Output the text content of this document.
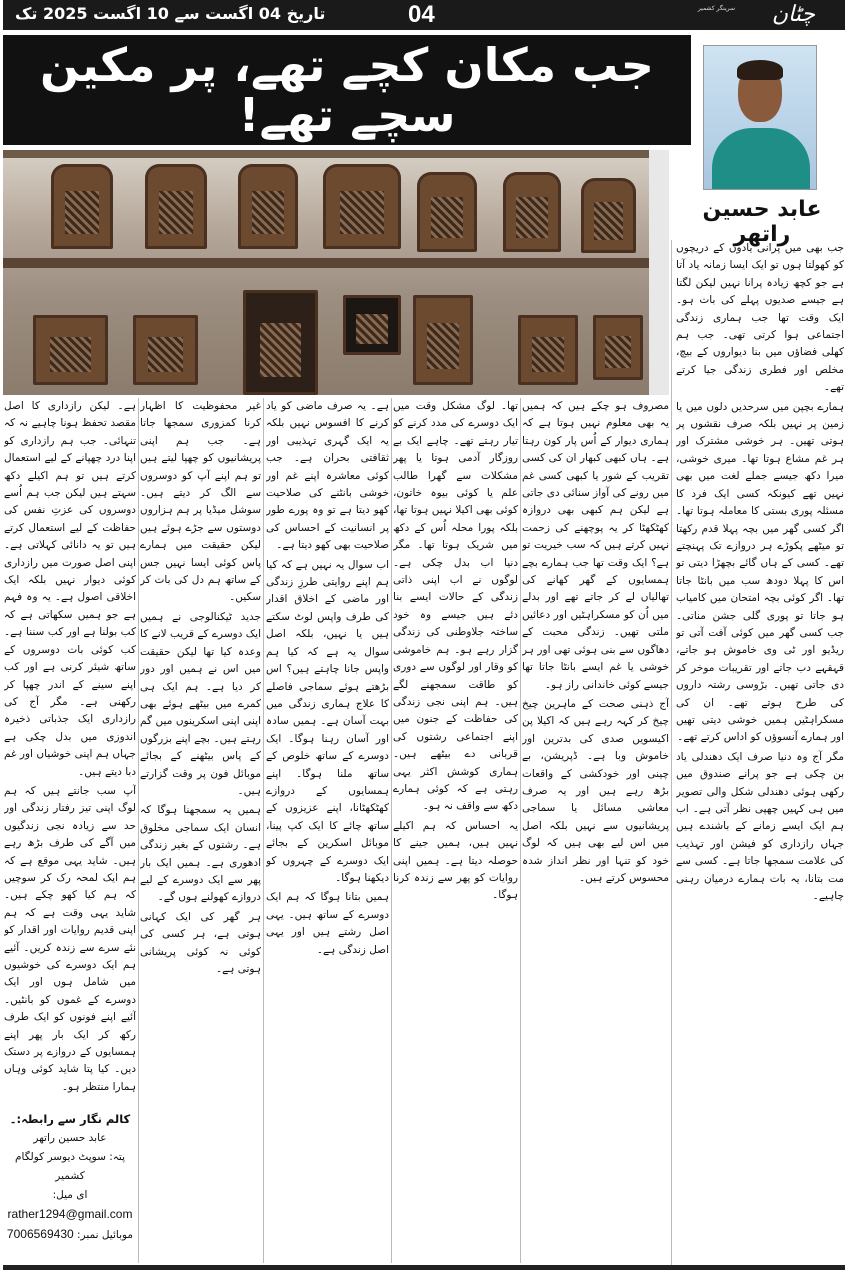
چٹان
سرینگر کشمیر
04
تاریخ 04 اگست سے 10 اگست 2025 تک
جب مکان کچے تھے، پر مکین سچے تھے!
عابد حسین راتھر

جب بھی میں پرانی یادوں کے دریچوں کو کھولتا ہوں تو ایک ایسا زمانہ یاد آتا ہے جو کچھ زیادہ پرانا نہیں لیکن لگتا ہے جیسے صدیوں پہلے کی بات ہو۔ ایک وقت تھا جب ہماری زندگی اجتماعی ہوا کرتی تھی۔ جب ہم کھلی فضاؤں میں بنا دیواروں کے بیچ، مخلص اور فطری زندگی جیا کرتے تھے۔

ہمارے بچپن میں سرحدیں دلوں میں یا زمین پر نہیں بلکہ صرف نقشوں پر ہوتی تھیں۔ ہر خوشی مشترک اور ہر غم مشاع ہوتا تھا۔ میری خوشی، میرا دکھ جیسے جملے لغت میں بھی نہیں تھے کیونکہ کسی ایک فرد کا مسئلہ پوری بستی کا معاملہ ہوتا تھا۔ اگر کسی گھر میں بچہ پہلا قدم رکھتا تو میٹھے پکوڑے ہر دروازے تک پہنچتے تھے۔ کسی کے ہاں گائے بچھڑا دیتی تو اس کا پہلا دودھ سب میں بانٹا جاتا تھا۔ اگر کوئی بچہ امتحان میں کامیاب ہو جاتا تو پوری گلی جشن مناتی۔ جب کسی گھر میں کوئی آفت آتی تو ریڈیو اور ٹی وی خاموش ہو جاتے، قہقہے دب جاتے اور تقریبات موخر کر دی جاتی تھیں۔ بڑوسی رشتہ داروں کی طرح ہوتے تھے۔ ان کی مسکراہٹیں ہمیں خوشی دیتی تھیں اور ہمارے آنسوؤں کو اداس کرتے تھے۔

مگر آج وہ دنیا صرف ایک دھندلی یاد بن چکی ہے جو پرانے صندوق میں رکھی ہوئی دھندلی شکل والی تصویر میں ہی کہیں چھپی نظر آتی ہے۔ اب ہم ایک ایسے زمانے کے باشندے ہیں جہاں رازداری کو فیشن اور تہذیب کی علامت سمجھا جاتا ہے۔ کسی سے مت بتانا، یہ بات ہمارے درمیان رہنی چاہیے۔

مصروف ہو چکے ہیں کہ ہمیں یہ بھی معلوم نہیں ہوتا ہے کہ ہماری دیوار کے اُس پار کون رہتا ہے۔ ہاں کبھی کبھار ان کی کسی تقریب کے شور یا کبھی کسی غم میں رونے کی آواز سنائی دی جاتی ہے لیکن ہم کبھی بھی دروازہ کھٹکھٹا کر یہ پوچھنے کی زحمت نہیں کرتے ہیں کہ سب خیریت تو ہے؟ ایک وقت تھا جب ہمارے بچے ہمسایوں کے گھر کھانے کی تھالیاں لے کر جاتے تھے اور بدلے میں اُن کو مسکراہٹیں اور دعائیں ملتی تھیں۔ زندگی محبت کے دھاگوں سے بنی ہوئی تھی اور ہر خوشی یا غم ایسے بانٹا جاتا تھا جیسے کوئی خاندانی راز ہو۔

آج ذہنی صحت کے ماہرین چیخ چیخ کر کہہ رہے ہیں کہ اکیلا پن اکیسویں صدی کی بدترین اور خاموش وبا ہے۔ ڈپریشن، بے چینی اور خودکشی کے واقعات بڑھ رہے ہیں اور یہ صرف معاشی مسائل یا سماجی پریشانیوں سے نہیں بلکہ اصل میں اس لیے بھی ہیں کہ لوگ خود کو تنہا اور نظر انداز شدہ محسوس کرتے ہیں۔

تھا۔ لوگ مشکل وقت میں ایک دوسرے کی مدد کرنے کو تیار رہتے تھے۔ چاہے ایک بے روزگار آدمی ہوتا یا پھر مشکلات سے گھرا طالب علم یا کوئی بیوہ خاتون، کوئی بھی اکیلا نہیں ہوتا تھا، بلکہ پورا محلہ اُس کے دکھ میں شریک ہوتا تھا۔ مگر دنیا اب بدل چکی ہے۔ لوگوں نے اب اپنی ذاتی زندگی کے حالات ایسے بنا دئے ہیں جیسے وہ خود ساختہ جلاوطنی کی زندگی گزار رہے ہو۔ ہم خاموشی کو وقار اور لوگوں سے دوری کو طاقت سمجھنے لگے ہیں۔ ہم اپنی نجی زندگی کی حفاظت کے جنون میں اپنے اجتماعی رشتوں کی قربانی دے بیٹھے ہیں۔ ہماری کوشش اکثر یہی رہتی ہے کہ کوئی ہمارے دکھ سے واقف نہ ہو۔

یہ احساس کہ ہم اکیلے نہیں ہیں، ہمیں جینے کا حوصلہ دیتا ہے۔ ہمیں اپنی روایات کو پھر سے زندہ کرنا ہوگا۔

ہے۔ یہ صرف ماضی کو یاد کرنے کا افسوس نہیں بلکہ یہ ایک گہری تہذیبی اور ثقافتی بحران ہے۔ جب کوئی معاشرہ اپنے غم اور خوشی بانٹنے کی صلاحیت کھو دیتا ہے تو وہ پورے طور پر انسانیت کے احساس کی صلاحیت بھی کھو دیتا ہے۔

اب سوال یہ نہیں ہے کہ کیا ہم اپنے روایتی طرزِ زندگی اور ماضی کے اخلاق اقدار کی طرف واپس لوٹ سکتے ہیں یا نہیں، بلکہ اصل سوال یہ ہے کہ کیا ہم واپس جانا چاہتے ہیں؟ اس بڑھتے ہوئے سماجی فاصلے کا علاج ہماری زندگی میں بہت آسان ہے۔ ہمیں سادہ اور آسان رہنا ہوگا۔ ایک دوسرے کے ساتھ خلوص کے ساتھ ملنا ہوگا۔ اپنے ہمسایوں کے دروازے کھٹکھٹانا، اپنے عزیزوں کے ساتھ چائے کا ایک کپ پینا، موبائل اسکرین کے بجائے ایک دوسرے کے چہروں کو دیکھنا ہوگا۔

ہمیں بتانا ہوگا کہ ہم ایک دوسرے کے ساتھ ہیں۔ یہی اصل رشتے ہیں اور یہی اصل زندگی ہے۔

غیر محفوظیت کا اظہار کرنا کمزوری سمجھا جاتا ہے۔ جب ہم اپنی پریشانیوں کو چھپا لیتے ہیں تو ہم اپنے آپ کو دوسروں سے الگ کر دیتے ہیں۔ سوشل میڈیا پر ہم ہزاروں دوستوں سے جڑے ہوئے ہیں لیکن حقیقت میں ہمارے پاس کوئی ایسا نہیں جس کے ساتھ ہم دل کی بات کر سکیں۔

جدید ٹیکنالوجی نے ہمیں ایک دوسرے کے قریب لانے کا وعدہ کیا تھا لیکن حقیقت میں اس نے ہمیں اور دور کر دیا ہے۔ ہم ایک ہی کمرے میں بیٹھے ہوئے بھی اپنی اپنی اسکرینوں میں گم رہتے ہیں۔ بچے اپنے بزرگوں کے پاس بیٹھنے کے بجائے موبائل فون پر وقت گزارتے ہیں۔

ہمیں یہ سمجھنا ہوگا کہ انسان ایک سماجی مخلوق ہے۔ رشتوں کے بغیر زندگی ادھوری ہے۔ ہمیں ایک بار پھر سے ایک دوسرے کے لیے دروازے کھولنے ہوں گے۔

ہر گھر کی ایک کہانی ہوتی ہے، ہر کسی کی کوئی نہ کوئی پریشانی ہوتی ہے۔

ہے۔ لیکن رازداری کا اصل مقصد تحفظ ہونا چاہیے نہ کہ تنہائی۔ جب ہم رازداری کو اپنا درد چھپانے کے لیے استعمال کرتے ہیں تو ہم اکیلے دکھ سہتے ہیں لیکن جب ہم اُسے دوسروں کی عزتِ نفس کی حفاظت کے لیے استعمال کرتے ہیں تو یہ دانائی کہلاتی ہے۔ اپنی اصل صورت میں رازداری کوئی دیوار نہیں بلکہ ایک اخلاقی اصول ہے۔ یہ وہ فہم ہے جو ہمیں سکھاتی ہے کہ کب بولنا ہے اور کب سننا ہے۔ کب کوئی بات دوسروں کے ساتھ شیئر کرنی ہے اور کب اپنے سینے کے اندر چھپا کر رکھنی ہے۔ مگر آج کی رازداری ایک جذباتی ذخیرہ اندوزی میں بدل چکی ہے جہاں ہم اپنی خوشیاں اور غم دبا دیتے ہیں۔

آپ سب جانتے ہیں کہ ہم لوگ اپنی تیز رفتار زندگی اور حد سے زیادہ نجی زندگیوں میں آگے کی طرف بڑھ رہے ہیں۔ شاید یہی موقع ہے کہ ہم ایک لمحہ رک کر سوچیں کہ ہم کیا کھو چکے ہیں۔ شاید یہی وقت ہے کہ ہم اپنی قدیم روایات اور اقدار کو نئے سرے سے زندہ کریں۔ آئیے ہم ایک دوسرے کی خوشیوں میں شامل ہوں اور ایک دوسرے کے غموں کو بانٹیں۔ آئیے اپنے فونوں کو ایک طرف رکھ کر ایک بار پھر اپنے ہمسایوں کے دروازے پر دستک دیں۔ کیا پتا شاید کوئی وہاں ہمارا منتظر ہو۔

کالم نگار سے رابطہ:۔
عابد حسین راتھر
پتہ: سوپٹ دیوسر کولگام کشمیر
ای میل: rather1294@gmail.com
موبائیل نمبر: 7006569430
